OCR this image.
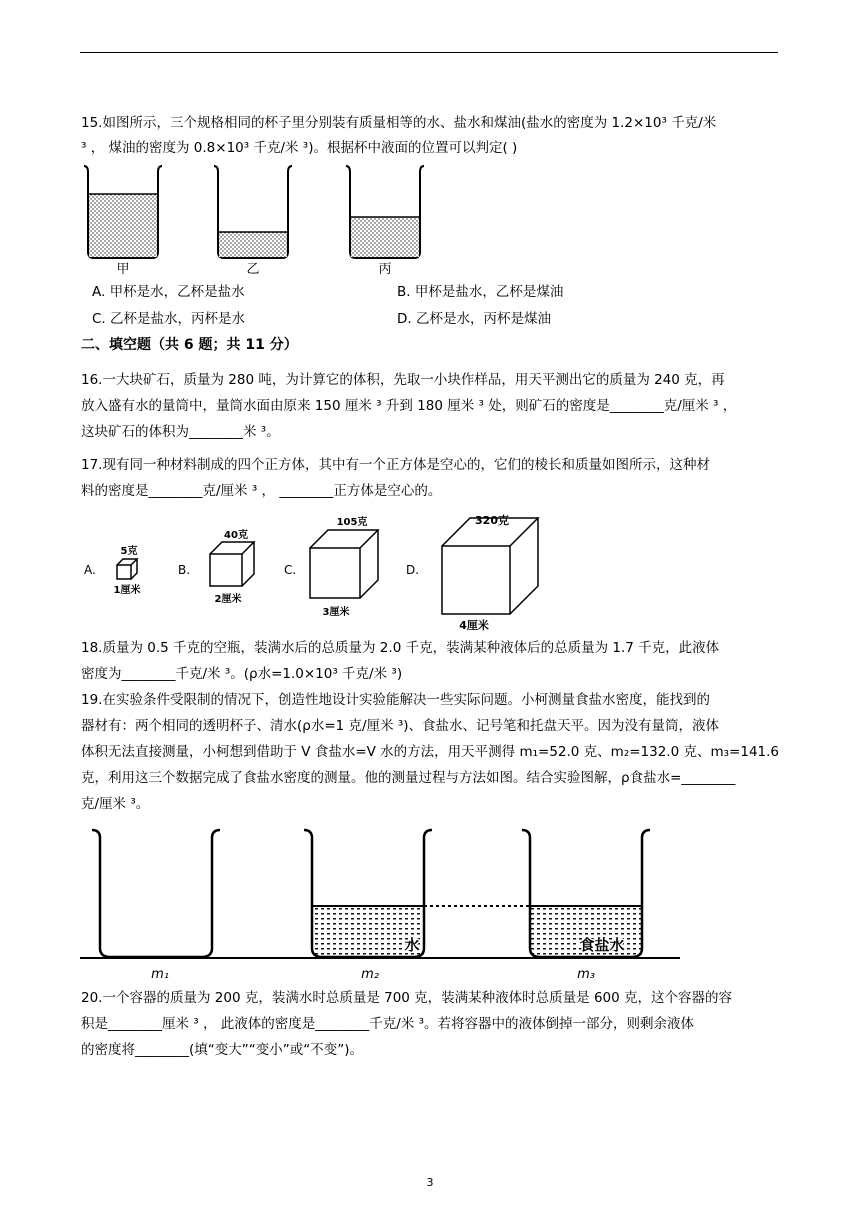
15.如图所示，三个规格相同的杯子里分别装有质量相等的水、盐水和煤油(盐水的密度为 1.2×10³ 千克/米
³ ， 煤油的密度为 0.8×10³ 千克/米 ³)。根据杯中液面的位置可以判定( )
甲	乙	丙
A. 甲杯是水，乙杯是盐水	B. 甲杯是盐水，乙杯是煤油
C. 乙杯是盐水，丙杯是水	D. 乙杯是水，丙杯是煤油
二、填空题（共 6 题；共 11 分）
16.一大块矿石，质量为 280 吨，为计算它的体积，先取一小块作样品，用天平测出它的质量为 240 克，再
放入盛有水的量筒中，量筒水面由原来 150 厘米 ³ 升到 180 厘米 ³ 处，则矿石的密度是________克/厘米 ³ ，
这块矿石的体积为________米 ³。
17.现有同一种材料制成的四个正方体，其中有一个正方体是空心的，它们的棱长和质量如图所示，这种材
料的密度是________克/厘米 ³ ， ________正方体是空心的。
A.	B.	C.	D.
5克
1厘米
40克
2厘米
105克
3厘米
320克
4厘米
18.质量为 0.5 千克的空瓶，装满水后的总质量为 2.0 千克，装满某种液体后的总质量为 1.7 千克，此液体
密度为________千克/米 ³。(ρ水=1.0×10³ 千克/米 ³)
19.在实验条件受限制的情况下，创造性地设计实验能解决一些实际问题。小柯测量食盐水密度，能找到的
器材有：两个相同的透明杯子、清水(ρ水=1 克/厘米 ³)、食盐水、记号笔和托盘天平。因为没有量筒，液体
体积无法直接测量，小柯想到借助于 V 食盐水=V 水的方法，用天平测得 m₁=52.0 克、m₂=132.0 克、m₃=141.6
克，利用这三个数据完成了食盐水密度的测量。他的测量过程与方法如图。结合实验图解，ρ食盐水=________
克/厘米 ³。
水	食盐水
m₁	m₂	m₃
20.一个容器的质量为 200 克，装满水时总质量是 700 克，装满某种液体时总质量是 600 克，这个容器的容
积是________厘米 ³ ， 此液体的密度是________千克/米 ³。若将容器中的液体倒掉一部分，则剩余液体
的密度将________(填“变大”“变小”或“不变”)。
3
